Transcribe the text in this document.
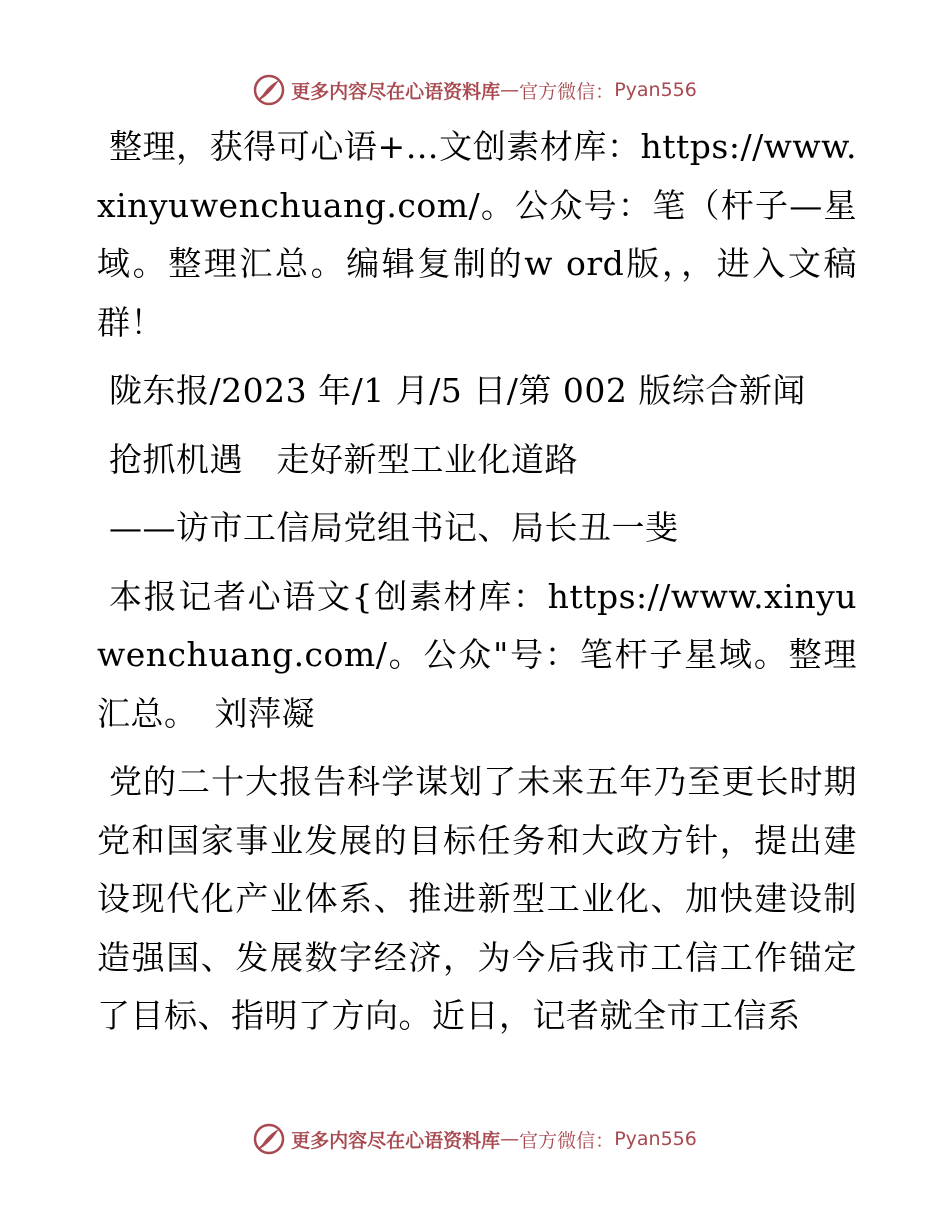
更多内容尽在心语资料库 — 官方微信： Pyan556

整理，获得可心语+…文创素材库：https://www.xinyuwenchuang.com/。公众号：笔（杆子—星域。整理汇总。编辑复制的w ord版，，进入文稿群！

陇东报/2023 年/1 月/5 日/第 002 版综合新闻

抢抓机遇　走好新型工业化道路

——访市工信局党组书记、局长丑一斐

本报记者心语文{创素材库：https://www.xinyuwenchuang.com/。公众"号：笔杆子星域。整理汇总。　刘萍凝

党的二十大报告科学谋划了未来五年乃至更长时期党和国家事业发展的目标任务和大政方针，提出建设现代化产业体系、推进新型工业化、加快建设制造强国、发展数字经济，为今后我市工信工作锚定了目标、指明了方向。近日，记者就全市工信系

更多内容尽在心语资料库 — 官方微信： Pyan556
